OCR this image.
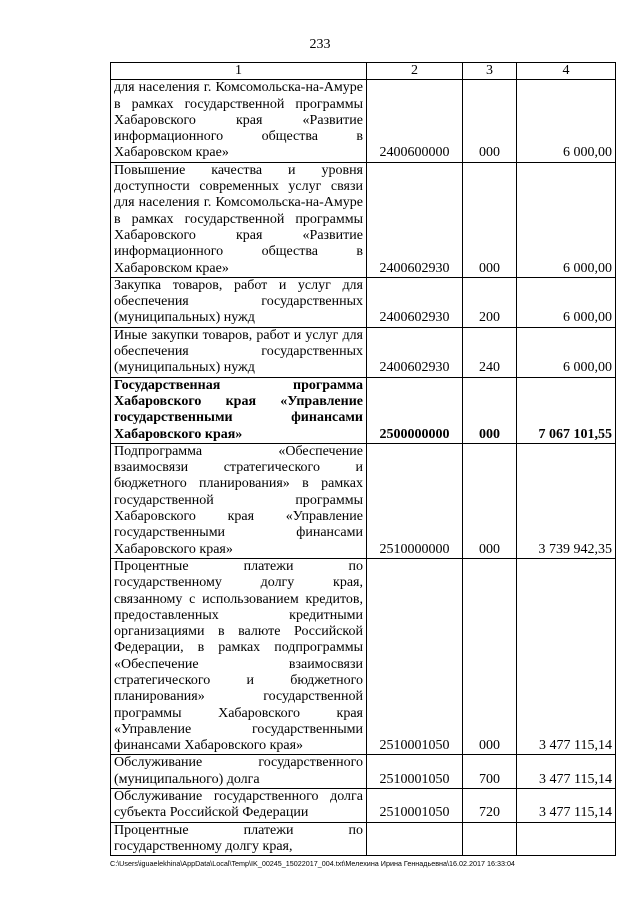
233
1	2	3	4
для населения г. Комсомольска-на-Амуре в рамках государственной программы Хабаровского края «Развитие информационного общества в Хабаровском крае»	2400600000	000	6 000,00
Повышение качества и уровня доступности современных услуг связи для населения г. Комсомольска-на-Амуре в рамках государственной программы Хабаровского края «Развитие информационного общества в Хабаровском крае»	2400602930	000	6 000,00
Закупка товаров, работ и услуг для обеспечения государственных (муниципальных) нужд	2400602930	200	6 000,00
Иные закупки товаров, работ и услуг для обеспечения государственных (муниципальных) нужд	2400602930	240	6 000,00
Государственная программа Хабаровского края «Управление государственными финансами Хабаровского края»	2500000000	000	7 067 101,55
Подпрограмма «Обеспечение взаимосвязи стратегического и бюджетного планирования» в рамках государственной программы Хабаровского края «Управление государственными финансами Хабаровского края»	2510000000	000	3 739 942,35
Процентные платежи по государственному долгу края, связанному с использованием кредитов, предоставленных кредитными организациями в валюте Российской Федерации, в рамках подпрограммы «Обеспечение взаимосвязи стратегического и бюджетного планирования» государственной программы Хабаровского края «Управление государственными финансами Хабаровского края»	2510001050	000	3 477 115,14
Обслуживание государственного (муниципального) долга	2510001050	700	3 477 115,14
Обслуживание государственного долга субъекта Российской Федерации	2510001050	720	3 477 115,14
Процентные платежи по государственному долгу края,			
C:\Users\iguaelekhina\AppData\Local\Temp\IK_00245_15022017_004.txt\Мелехина Ирина Геннадьевна\16.02.2017 16:33:04
